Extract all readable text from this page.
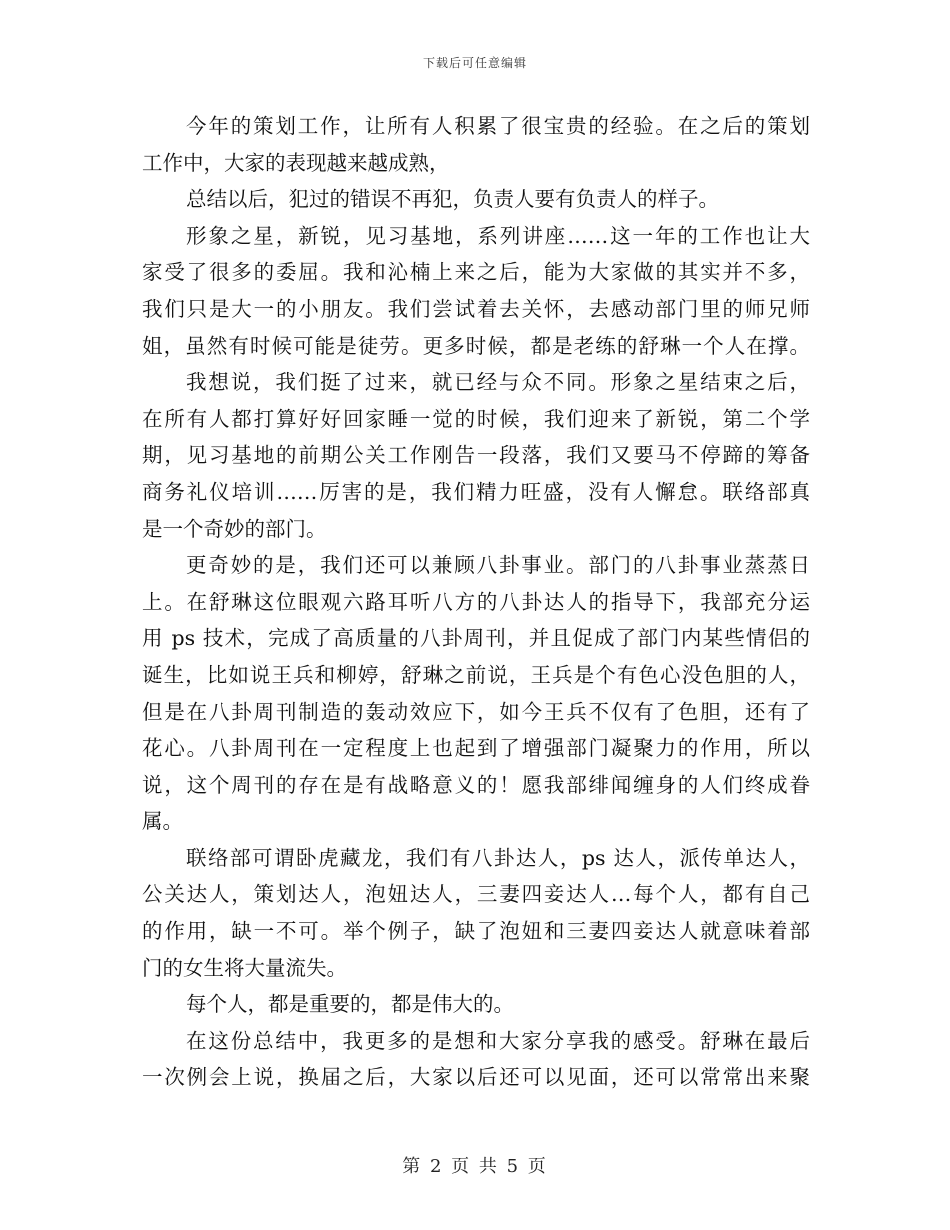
下载后可任意编辑
今年的策划工作，让所有人积累了很宝贵的经验。在之后的策划
工作中，大家的表现越来越成熟，
总结以后，犯过的错误不再犯，负责人要有负责人的样子。
形象之星，新锐，见习基地，系列讲座……这一年的工作也让大
家受了很多的委屈。我和沁楠上来之后，能为大家做的其实并不多，
我们只是大一的小朋友。我们尝试着去关怀，去感动部门里的师兄师
姐，虽然有时候可能是徒劳。更多时候，都是老练的舒琳一个人在撑。
我想说，我们挺了过来，就已经与众不同。形象之星结束之后，
在所有人都打算好好回家睡一觉的时候，我们迎来了新锐，第二个学
期，见习基地的前期公关工作刚告一段落，我们又要马不停蹄的筹备
商务礼仪培训……厉害的是，我们精力旺盛，没有人懈怠。联络部真
是一个奇妙的部门。
更奇妙的是，我们还可以兼顾八卦事业。部门的八卦事业蒸蒸日
上。在舒琳这位眼观六路耳听八方的八卦达人的指导下，我部充分运
用 ps 技术，完成了高质量的八卦周刊，并且促成了部门内某些情侣的
诞生，比如说王兵和柳婷，舒琳之前说，王兵是个有色心没色胆的人，
但是在八卦周刊制造的轰动效应下，如今王兵不仅有了色胆，还有了
花心。八卦周刊在一定程度上也起到了增强部门凝聚力的作用，所以
说，这个周刊的存在是有战略意义的！愿我部绯闻缠身的人们终成眷
属。
联络部可谓卧虎藏龙，我们有八卦达人，ps 达人，派传单达人，
公关达人，策划达人，泡妞达人，三妻四妾达人…每个人，都有自己
的作用，缺一不可。举个例子，缺了泡妞和三妻四妾达人就意味着部
门的女生将大量流失。
每个人，都是重要的，都是伟大的。
在这份总结中，我更多的是想和大家分享我的感受。舒琳在最后
一次例会上说，换届之后，大家以后还可以见面，还可以常常出来聚
第 2 页 共 5 页
